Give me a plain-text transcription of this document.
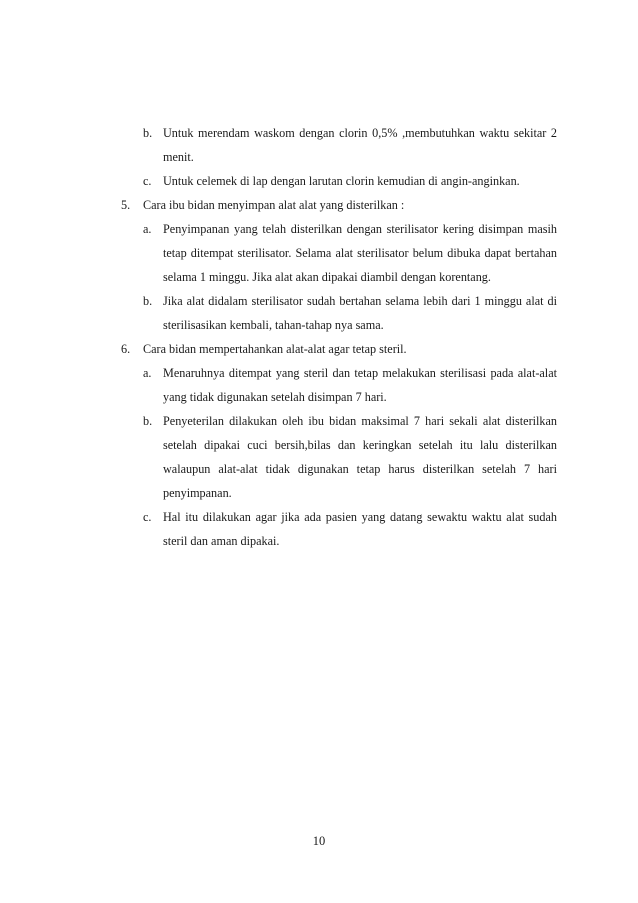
b. Untuk merendam waskom dengan clorin 0,5% ,membutuhkan waktu sekitar 2 menit.
c. Untuk celemek di lap dengan larutan clorin kemudian di angin-anginkan.
5. Cara ibu bidan menyimpan alat alat yang disterilkan :
a. Penyimpanan yang telah disterilkan dengan sterilisator kering disimpan masih tetap ditempat sterilisator. Selama alat sterilisator belum dibuka dapat bertahan selama 1 minggu. Jika alat akan dipakai diambil dengan korentang.
b. Jika alat didalam sterilisator sudah bertahan selama lebih dari 1 minggu alat di sterilisasikan kembali, tahan-tahap nya sama.
6. Cara bidan mempertahankan alat-alat agar tetap steril.
a. Menaruhnya ditempat yang steril dan tetap melakukan sterilisasi pada alat-alat yang tidak digunakan setelah disimpan 7 hari.
b. Penyeterilan dilakukan oleh ibu bidan maksimal 7 hari sekali alat disterilkan setelah dipakai cuci bersih,bilas dan keringkan setelah itu lalu disterilkan walaupun alat-alat tidak digunakan tetap harus disterilkan setelah 7 hari penyimpanan.
c. Hal itu dilakukan agar jika ada pasien yang datang sewaktu waktu alat sudah steril dan aman dipakai.
10
